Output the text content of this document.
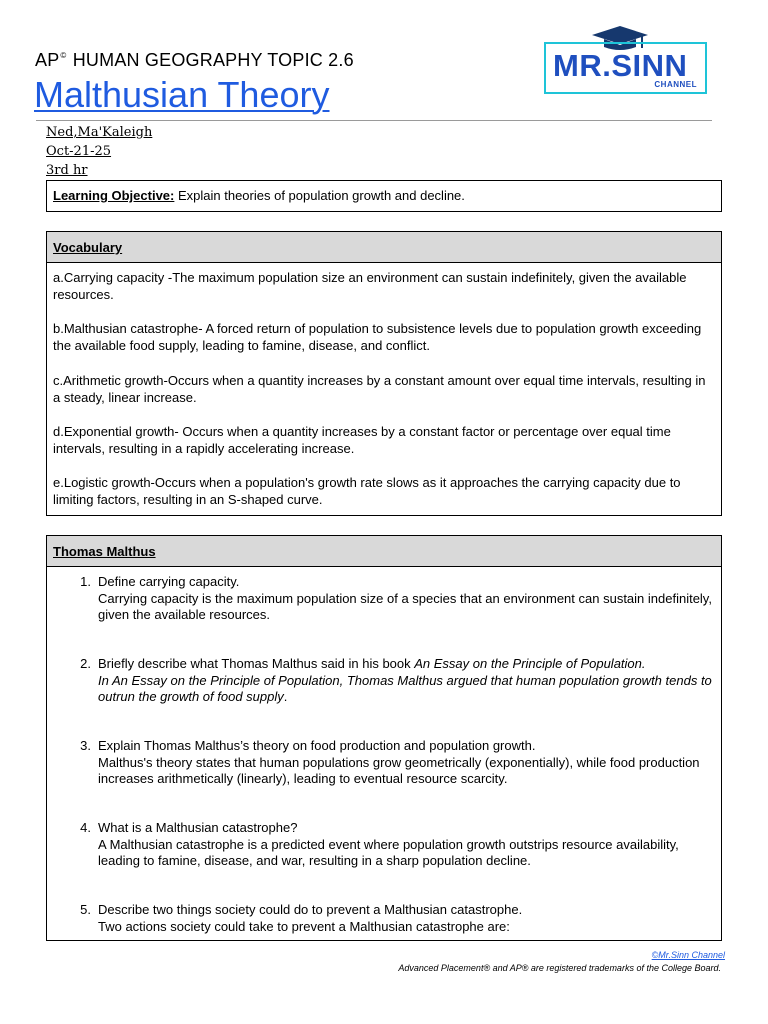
AP© HUMAN GEOGRAPHY TOPIC 2.6
Malthusian Theory
MR.SINN
CHANNEL
Ned,Ma'Kaleigh
Oct-21-25
3rd hr
Learning Objective: Explain theories of population growth and decline.
Vocabulary
a.Carrying capacity -The maximum population size an environment can sustain indefinitely, given the available resources.
b.Malthusian catastrophe- A forced return of population to subsistence levels due to population growth exceeding the available food supply, leading to famine, disease, and conflict.
c.Arithmetic growth-Occurs when a quantity increases by a constant amount over equal time intervals, resulting in a steady, linear increase.
d.Exponential growth- Occurs when a quantity increases by a constant factor or percentage over equal time intervals, resulting in a rapidly accelerating increase.
e.Logistic growth-Occurs when a population's growth rate slows as it approaches the carrying capacity due to limiting factors, resulting in an S-shaped curve.
Thomas Malthus
1. Define carrying capacity.
Carrying capacity is the maximum population size of a species that an environment can sustain indefinitely, given the available resources.
2. Briefly describe what Thomas Malthus said in his book An Essay on the Principle of Population.
In An Essay on the Principle of Population, Thomas Malthus argued that human population growth tends to outrun the growth of food supply.
3. Explain Thomas Malthus’s theory on food production and population growth.
Malthus's theory states that human populations grow geometrically (exponentially), while food production increases arithmetically (linearly), leading to eventual resource scarcity.
4. What is a Malthusian catastrophe?
A Malthusian catastrophe is a predicted event where population growth outstrips resource availability, leading to famine, disease, and war, resulting in a sharp population decline.
5. Describe two things society could do to prevent a Malthusian catastrophe.
Two actions society could take to prevent a Malthusian catastrophe are:
©Mr.Sinn Channel
Advanced Placement® and AP® are registered trademarks of the College Board.
